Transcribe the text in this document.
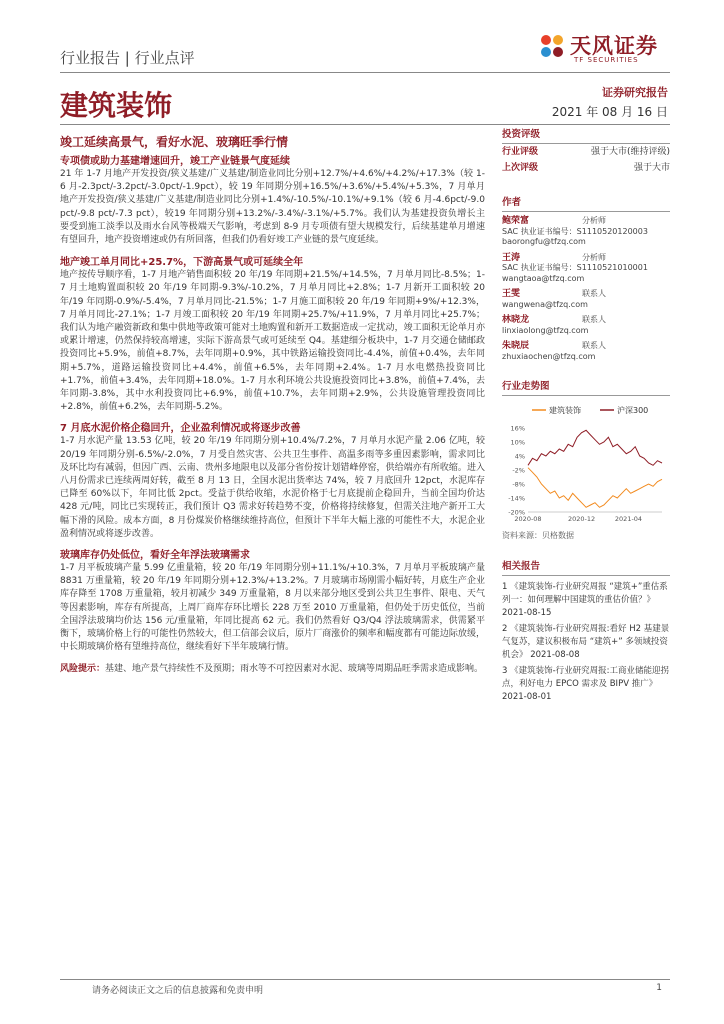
行业报告 | 行业点评	天风证券
TF SECURITIES
建筑装饰	证券研究报告
2021 年 08 月 16 日
竣工延续高景气，看好水泥、玻璃旺季行情
专项债或助力基建增速回升，竣工产业链景气度延续

21 年 1-7 月地产开发投资/狭义基建/广义基建/制造业同比分别+12.7%/+4.6%/+4.2%/+17.3%（较 1-6 月-2.3pct/-3.2pct/-3.0pct/-1.9pct），较 19 年同期分别+16.5%/+3.6%/+5.4%/+5.3%，7 月单月地产开发投资/狭义基建/广义基建/制造业同比分别+1.4%/-10.5%/-10.1%/+9.1%（较 6 月-4.6pct/-9.0 pct/-9.8 pct/-7.3 pct），较19 年同期分别+13.2%/-3.4%/-3.1%/+5.7%。我们认为基建投资负增长主要受到施工淡季以及雨水台风等极端天气影响，考虑到 8-9 月专项债有望大规模发行，后续基建单月增速有望回升，地产投资增速或仍有所回落，但我们仍看好竣工产业链的景气度延续。

地产竣工单月同比+25.7%，下游高景气或可延续全年

地产按传导顺序看，1-7 月地产销售面积较 20 年/19 年同期+21.5%/+14.5%，7 月单月同比-8.5%；1-7 月土地购置面积较 20 年/19 年同期-9.3%/-10.2%，7 月单月同比+2.8%；1-7 月新开工面积较 20 年/19 年同期-0.9%/-5.4%，7 月单月同比-21.5%；1-7 月施工面积较 20 年/19 年同期+9%/+12.3%，7 月单月同比-27.1%；1-7 月竣工面积较 20 年/19 年同期+25.7%/+11.9%，7 月单月同比+25.7%；我们认为地产融资新政和集中供地等政策可能对土地购置和新开工数据造成一定扰动，竣工面积无论单月亦或累计增速，仍然保持较高增速，实际下游高景气或可延续至 Q4。基建细分板块中，1-7 月交通仓储邮政投资同比+5.9%，前值+8.7%，去年同期+0.9%，其中铁路运输投资同比-4.4%，前值+0.4%，去年同期+5.7%，道路运输投资同比+4.4%，前值+6.5%，去年同期+2.4%。1-7 月水电燃热投资同比+1.7%，前值+3.4%，去年同期+18.0%。1-7 月水利环境公共设施投资同比+3.8%，前值+7.4%，去年同期-3.8%，其中水利投资同比+6.9%，前值+10.7%，去年同期+2.9%，公共设施管理投资同比+2.8%，前值+6.2%，去年同期-5.2%。

7 月底水泥价格企稳回升，企业盈利情况或将逐步改善

1-7 月水泥产量 13.53 亿吨，较 20 年/19 年同期分别+10.4%/7.2%，7 月单月水泥产量 2.06 亿吨，较 20/19 年同期分别-6.5%/-2.0%，7 月受自然灾害、公共卫生事件、高温多雨等多重因素影响，需求同比及环比均有减弱，但因广西、云南、贵州多地限电以及部分省份按计划错峰停窑，供给端亦有所收缩。进入八月份需求已连续两周好转，截至 8 月 13 日，全国水泥出货率达 74%，较 7 月底回升 12pct，水泥库存已降至 60%以下，年同比低 2pct。受益于供给收缩，水泥价格于七月底提前企稳回升，当前全国均价达 428 元/吨，同比已实现转正，我们预计 Q3 需求好转趋势不变，价格将持续修复，但需关注地产新开工大幅下滑的风险。成本方面，8 月份煤炭价格继续维持高位，但预计下半年大幅上涨的可能性不大，水泥企业盈利情况或将逐步改善。

玻璃库存仍处低位，看好全年浮法玻璃需求

1-7 月平板玻璃产量 5.99 亿重量箱，较 20 年/19 年同期分别+11.1%/+10.3%，7 月单月平板玻璃产量 8831 万重量箱，较 20 年/19 年同期分别+12.3%/+13.2%。7 月玻璃市场刚需小幅好转，月底生产企业库存降至 1708 万重量箱，较月初减少 349 万重量箱，8 月以来部分地区受到公共卫生事件、限电、天气等因素影响，库存有所提高，上周厂商库存环比增长 228 万至 2010 万重量箱，但仍处于历史低位，当前全国浮法玻璃均价达 156 元/重量箱，年同比提高 62 元。我们仍然看好 Q3/Q4 浮法玻璃需求，供需紧平衡下，玻璃价格上行的可能性仍然较大，但工信部会议后，原片厂商涨价的频率和幅度都有可能边际放缓，中长期玻璃价格有望维持高位，继续看好下半年玻璃行情。

风险提示：基建、地产景气持续性不及预期；雨水等不可控因素对水泥、玻璃等周期品旺季需求造成影响。

投资评级
行业评级	强于大市(维持评级)
上次评级	强于大市
作者
鲍荣富	分析师
SAC 执业证书编号：S1110520120003
baorongfu@tfzq.com
王涛	分析师
SAC 执业证书编号：S1110521010001
wangtaoa@tfzq.com
王雯	联系人
wangwena@tfzq.com
林晓龙	联系人
linxiaolong@tfzq.com
朱晓辰	联系人
zhuxiaochen@tfzq.com
行业走势图
建筑装饰	沪深300
16%
10%
4%
-2%
-8%
-14%
-20%
2020-08	2020-12	2021-04
资料来源：贝格数据
相关报告
1 《建筑装饰-行业研究周报 “建筑+”重估系列一：如何理解中国建筑的重估价值？》 2021-08-15
2 《建筑装饰-行业研究周报:看好 H2 基建景气复苏，建议积极布局 “建筑+” 多领域投资机会》 2021-08-08
3 《建筑装饰-行业研究周报:工商业储能迎拐点，利好电力 EPCO 需求及 BIPV 推广》 2021-08-01
请务必阅读正文之后的信息披露和免责申明	1
